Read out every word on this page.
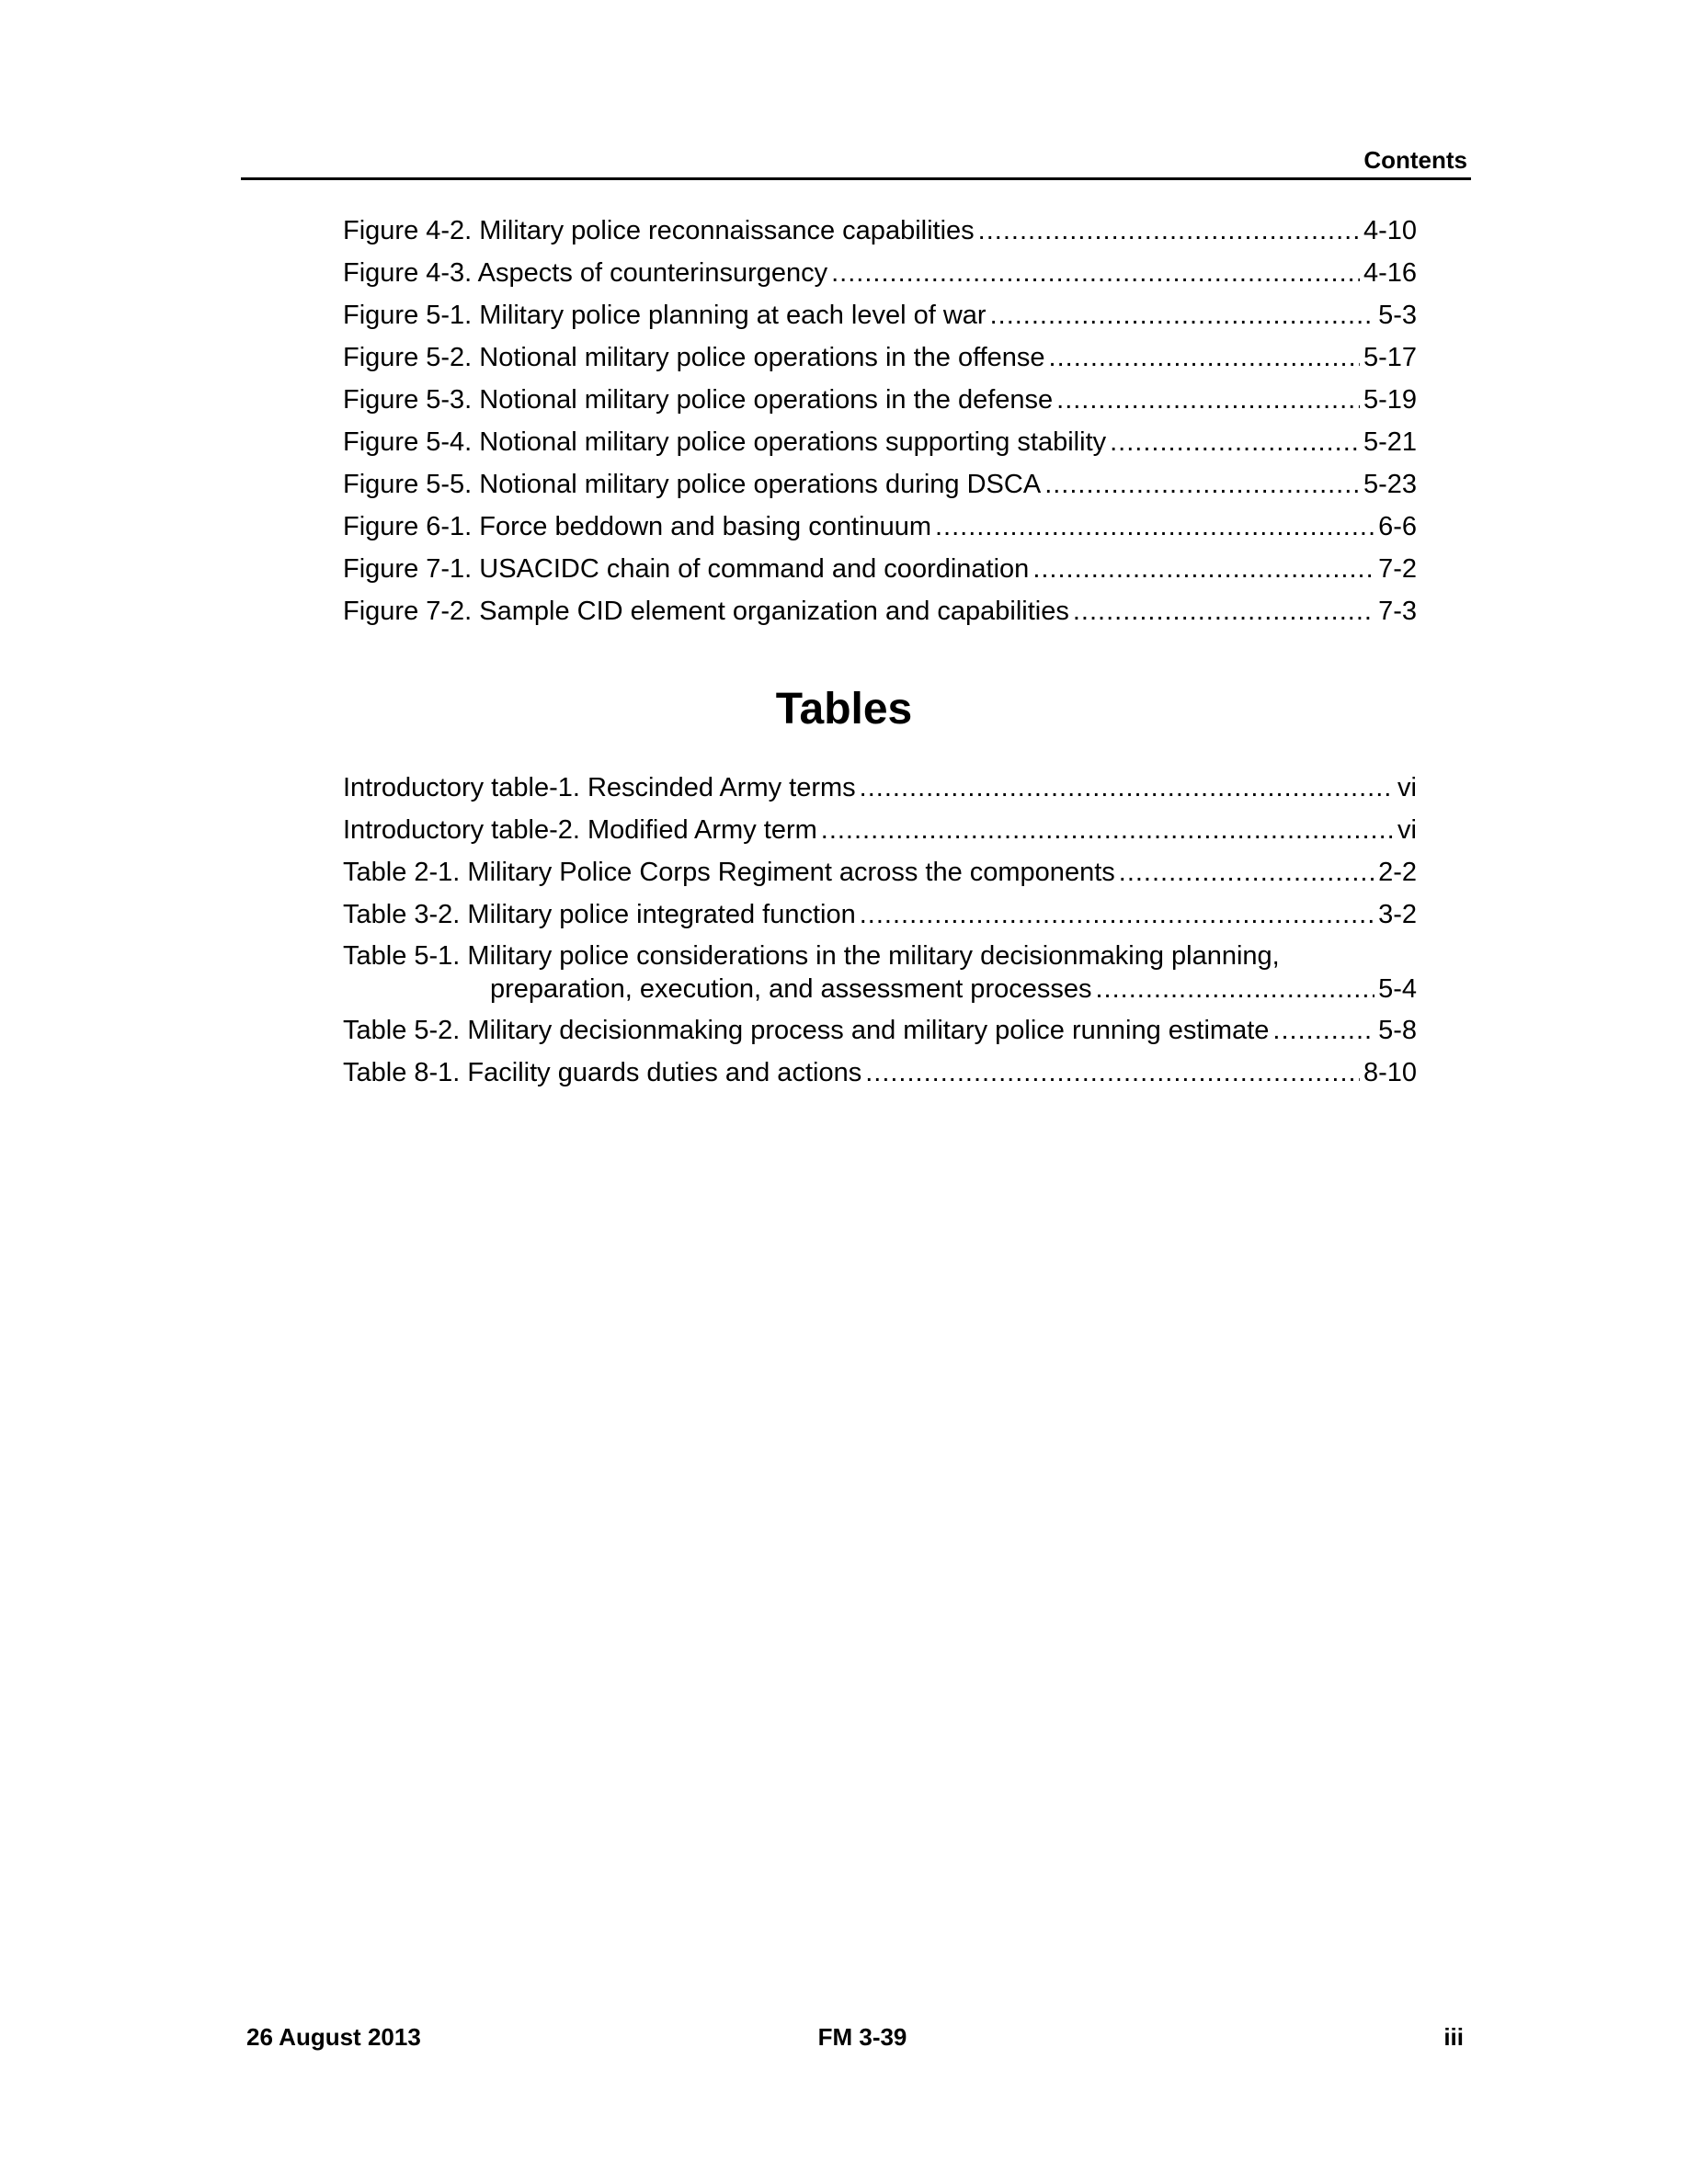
Contents
Figure 4-2. Military police reconnaissance capabilities .....	4-10
Figure 4-3. Aspects of counterinsurgency .....	4-16
Figure 5-1. Military police planning at each level of war .....	5-3
Figure 5-2. Notional military police operations in the offense .....	5-17
Figure 5-3. Notional military police operations in the defense .....	5-19
Figure 5-4. Notional military police operations supporting stability .....	5-21
Figure 5-5. Notional military police operations during DSCA .....	5-23
Figure 6-1. Force beddown and basing continuum .....	6-6
Figure 7-1. USACIDC chain of command and coordination .....	7-2
Figure 7-2. Sample CID element organization and capabilities .....	7-3
Tables
Introductory table-1. Rescinded Army terms .....	vi
Introductory table-2. Modified Army term .....	vi
Table 2-1. Military Police Corps Regiment across the components .....	2-2
Table 3-2. Military police integrated function .....	3-2
Table 5-1. Military police considerations in the military decisionmaking planning,
preparation, execution, and assessment processes .....	5-4
Table 5-2. Military decisionmaking process and military police running estimate .....	5-8
Table 8-1. Facility guards duties and actions .....	8-10
26 August 2013	FM 3-39	iii
